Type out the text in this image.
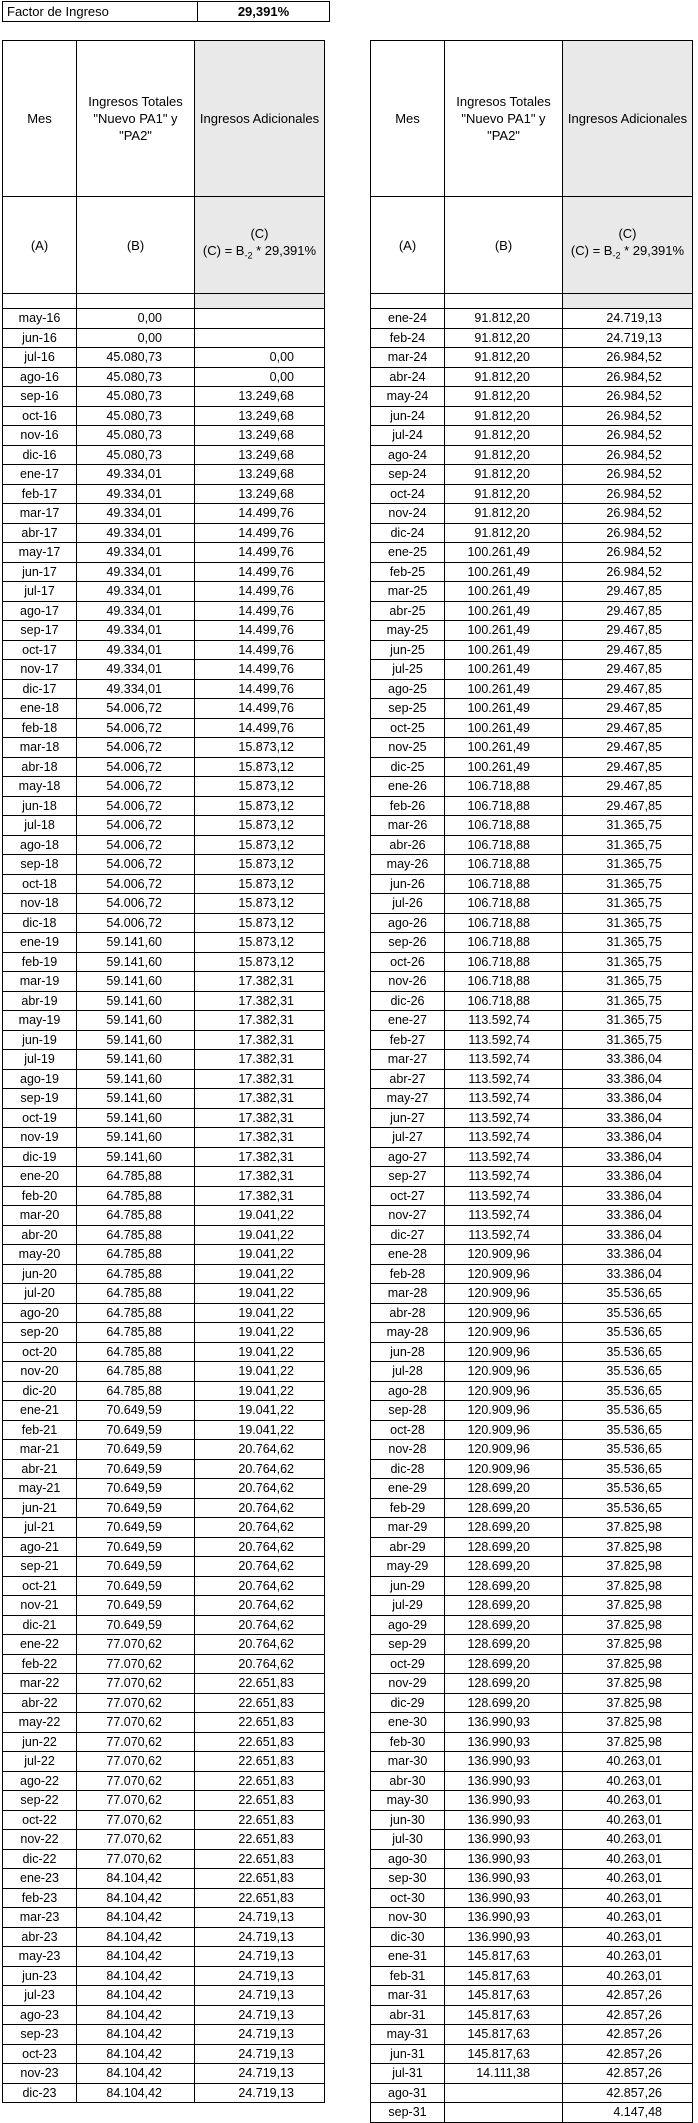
Factor de Ingreso	29,391%
Mes	Ingresos Totales "Nuevo PA1" y "PA2"	Ingresos Adicionales
(A)	(B)	(C)
$(C) = B_{-2} * 29,391\%$

may-16	0,00	
jun-16	0,00	
jul-16	45.080,73	0,00
ago-16	45.080,73	0,00
sep-16	45.080,73	13.249,68
oct-16	45.080,73	13.249,68
nov-16	45.080,73	13.249,68
dic-16	45.080,73	13.249,68
ene-17	49.334,01	13.249,68
feb-17	49.334,01	13.249,68
mar-17	49.334,01	14.499,76
abr-17	49.334,01	14.499,76
may-17	49.334,01	14.499,76
jun-17	49.334,01	14.499,76
jul-17	49.334,01	14.499,76
ago-17	49.334,01	14.499,76
sep-17	49.334,01	14.499,76
oct-17	49.334,01	14.499,76
nov-17	49.334,01	14.499,76
dic-17	49.334,01	14.499,76
ene-18	54.006,72	14.499,76
feb-18	54.006,72	14.499,76
mar-18	54.006,72	15.873,12
abr-18	54.006,72	15.873,12
may-18	54.006,72	15.873,12
jun-18	54.006,72	15.873,12
jul-18	54.006,72	15.873,12
ago-18	54.006,72	15.873,12
sep-18	54.006,72	15.873,12
oct-18	54.006,72	15.873,12
nov-18	54.006,72	15.873,12
dic-18	54.006,72	15.873,12
ene-19	59.141,60	15.873,12
feb-19	59.141,60	15.873,12
mar-19	59.141,60	17.382,31
abr-19	59.141,60	17.382,31
may-19	59.141,60	17.382,31
jun-19	59.141,60	17.382,31
jul-19	59.141,60	17.382,31
ago-19	59.141,60	17.382,31
sep-19	59.141,60	17.382,31
oct-19	59.141,60	17.382,31
nov-19	59.141,60	17.382,31
dic-19	59.141,60	17.382,31
ene-20	64.785,88	17.382,31
feb-20	64.785,88	17.382,31
mar-20	64.785,88	19.041,22
abr-20	64.785,88	19.041,22
may-20	64.785,88	19.041,22
jun-20	64.785,88	19.041,22
jul-20	64.785,88	19.041,22
ago-20	64.785,88	19.041,22
sep-20	64.785,88	19.041,22
oct-20	64.785,88	19.041,22
nov-20	64.785,88	19.041,22
dic-20	64.785,88	19.041,22
ene-21	70.649,59	19.041,22
feb-21	70.649,59	19.041,22
mar-21	70.649,59	20.764,62
abr-21	70.649,59	20.764,62
may-21	70.649,59	20.764,62
jun-21	70.649,59	20.764,62
jul-21	70.649,59	20.764,62
ago-21	70.649,59	20.764,62
sep-21	70.649,59	20.764,62
oct-21	70.649,59	20.764,62
nov-21	70.649,59	20.764,62
dic-21	70.649,59	20.764,62
ene-22	77.070,62	20.764,62
feb-22	77.070,62	20.764,62
mar-22	77.070,62	22.651,83
abr-22	77.070,62	22.651,83
may-22	77.070,62	22.651,83
jun-22	77.070,62	22.651,83
jul-22	77.070,62	22.651,83
ago-22	77.070,62	22.651,83
sep-22	77.070,62	22.651,83
oct-22	77.070,62	22.651,83
nov-22	77.070,62	22.651,83
dic-22	77.070,62	22.651,83
ene-23	84.104,42	22.651,83
feb-23	84.104,42	22.651,83
mar-23	84.104,42	24.719,13
abr-23	84.104,42	24.719,13
may-23	84.104,42	24.719,13
jun-23	84.104,42	24.719,13
jul-23	84.104,42	24.719,13
ago-23	84.104,42	24.719,13
sep-23	84.104,42	24.719,13
oct-23	84.104,42	24.719,13
nov-23	84.104,42	24.719,13
dic-23	84.104,42	24.719,13
Mes	Ingresos Totales "Nuevo PA1" y "PA2"	Ingresos Adicionales
(A)	(B)	(C)
$(C) = B_{-2} * 29,391\%$

ene-24	91.812,20	24.719,13
feb-24	91.812,20	24.719,13
mar-24	91.812,20	26.984,52
abr-24	91.812,20	26.984,52
may-24	91.812,20	26.984,52
jun-24	91.812,20	26.984,52
jul-24	91.812,20	26.984,52
ago-24	91.812,20	26.984,52
sep-24	91.812,20	26.984,52
oct-24	91.812,20	26.984,52
nov-24	91.812,20	26.984,52
dic-24	91.812,20	26.984,52
ene-25	100.261,49	26.984,52
feb-25	100.261,49	26.984,52
mar-25	100.261,49	29.467,85
abr-25	100.261,49	29.467,85
may-25	100.261,49	29.467,85
jun-25	100.261,49	29.467,85
jul-25	100.261,49	29.467,85
ago-25	100.261,49	29.467,85
sep-25	100.261,49	29.467,85
oct-25	100.261,49	29.467,85
nov-25	100.261,49	29.467,85
dic-25	100.261,49	29.467,85
ene-26	106.718,88	29.467,85
feb-26	106.718,88	29.467,85
mar-26	106.718,88	31.365,75
abr-26	106.718,88	31.365,75
may-26	106.718,88	31.365,75
jun-26	106.718,88	31.365,75
jul-26	106.718,88	31.365,75
ago-26	106.718,88	31.365,75
sep-26	106.718,88	31.365,75
oct-26	106.718,88	31.365,75
nov-26	106.718,88	31.365,75
dic-26	106.718,88	31.365,75
ene-27	113.592,74	31.365,75
feb-27	113.592,74	31.365,75
mar-27	113.592,74	33.386,04
abr-27	113.592,74	33.386,04
may-27	113.592,74	33.386,04
jun-27	113.592,74	33.386,04
jul-27	113.592,74	33.386,04
ago-27	113.592,74	33.386,04
sep-27	113.592,74	33.386,04
oct-27	113.592,74	33.386,04
nov-27	113.592,74	33.386,04
dic-27	113.592,74	33.386,04
ene-28	120.909,96	33.386,04
feb-28	120.909,96	33.386,04
mar-28	120.909,96	35.536,65
abr-28	120.909,96	35.536,65
may-28	120.909,96	35.536,65
jun-28	120.909,96	35.536,65
jul-28	120.909,96	35.536,65
ago-28	120.909,96	35.536,65
sep-28	120.909,96	35.536,65
oct-28	120.909,96	35.536,65
nov-28	120.909,96	35.536,65
dic-28	120.909,96	35.536,65
ene-29	128.699,20	35.536,65
feb-29	128.699,20	35.536,65
mar-29	128.699,20	37.825,98
abr-29	128.699,20	37.825,98
may-29	128.699,20	37.825,98
jun-29	128.699,20	37.825,98
jul-29	128.699,20	37.825,98
ago-29	128.699,20	37.825,98
sep-29	128.699,20	37.825,98
oct-29	128.699,20	37.825,98
nov-29	128.699,20	37.825,98
dic-29	128.699,20	37.825,98
ene-30	136.990,93	37.825,98
feb-30	136.990,93	37.825,98
mar-30	136.990,93	40.263,01
abr-30	136.990,93	40.263,01
may-30	136.990,93	40.263,01
jun-30	136.990,93	40.263,01
jul-30	136.990,93	40.263,01
ago-30	136.990,93	40.263,01
sep-30	136.990,93	40.263,01
oct-30	136.990,93	40.263,01
nov-30	136.990,93	40.263,01
dic-30	136.990,93	40.263,01
ene-31	145.817,63	40.263,01
feb-31	145.817,63	40.263,01
mar-31	145.817,63	42.857,26
abr-31	145.817,63	42.857,26
may-31	145.817,63	42.857,26
jun-31	145.817,63	42.857,26
jul-31	14.111,38	42.857,26
ago-31		42.857,26
sep-31		4.147,48
